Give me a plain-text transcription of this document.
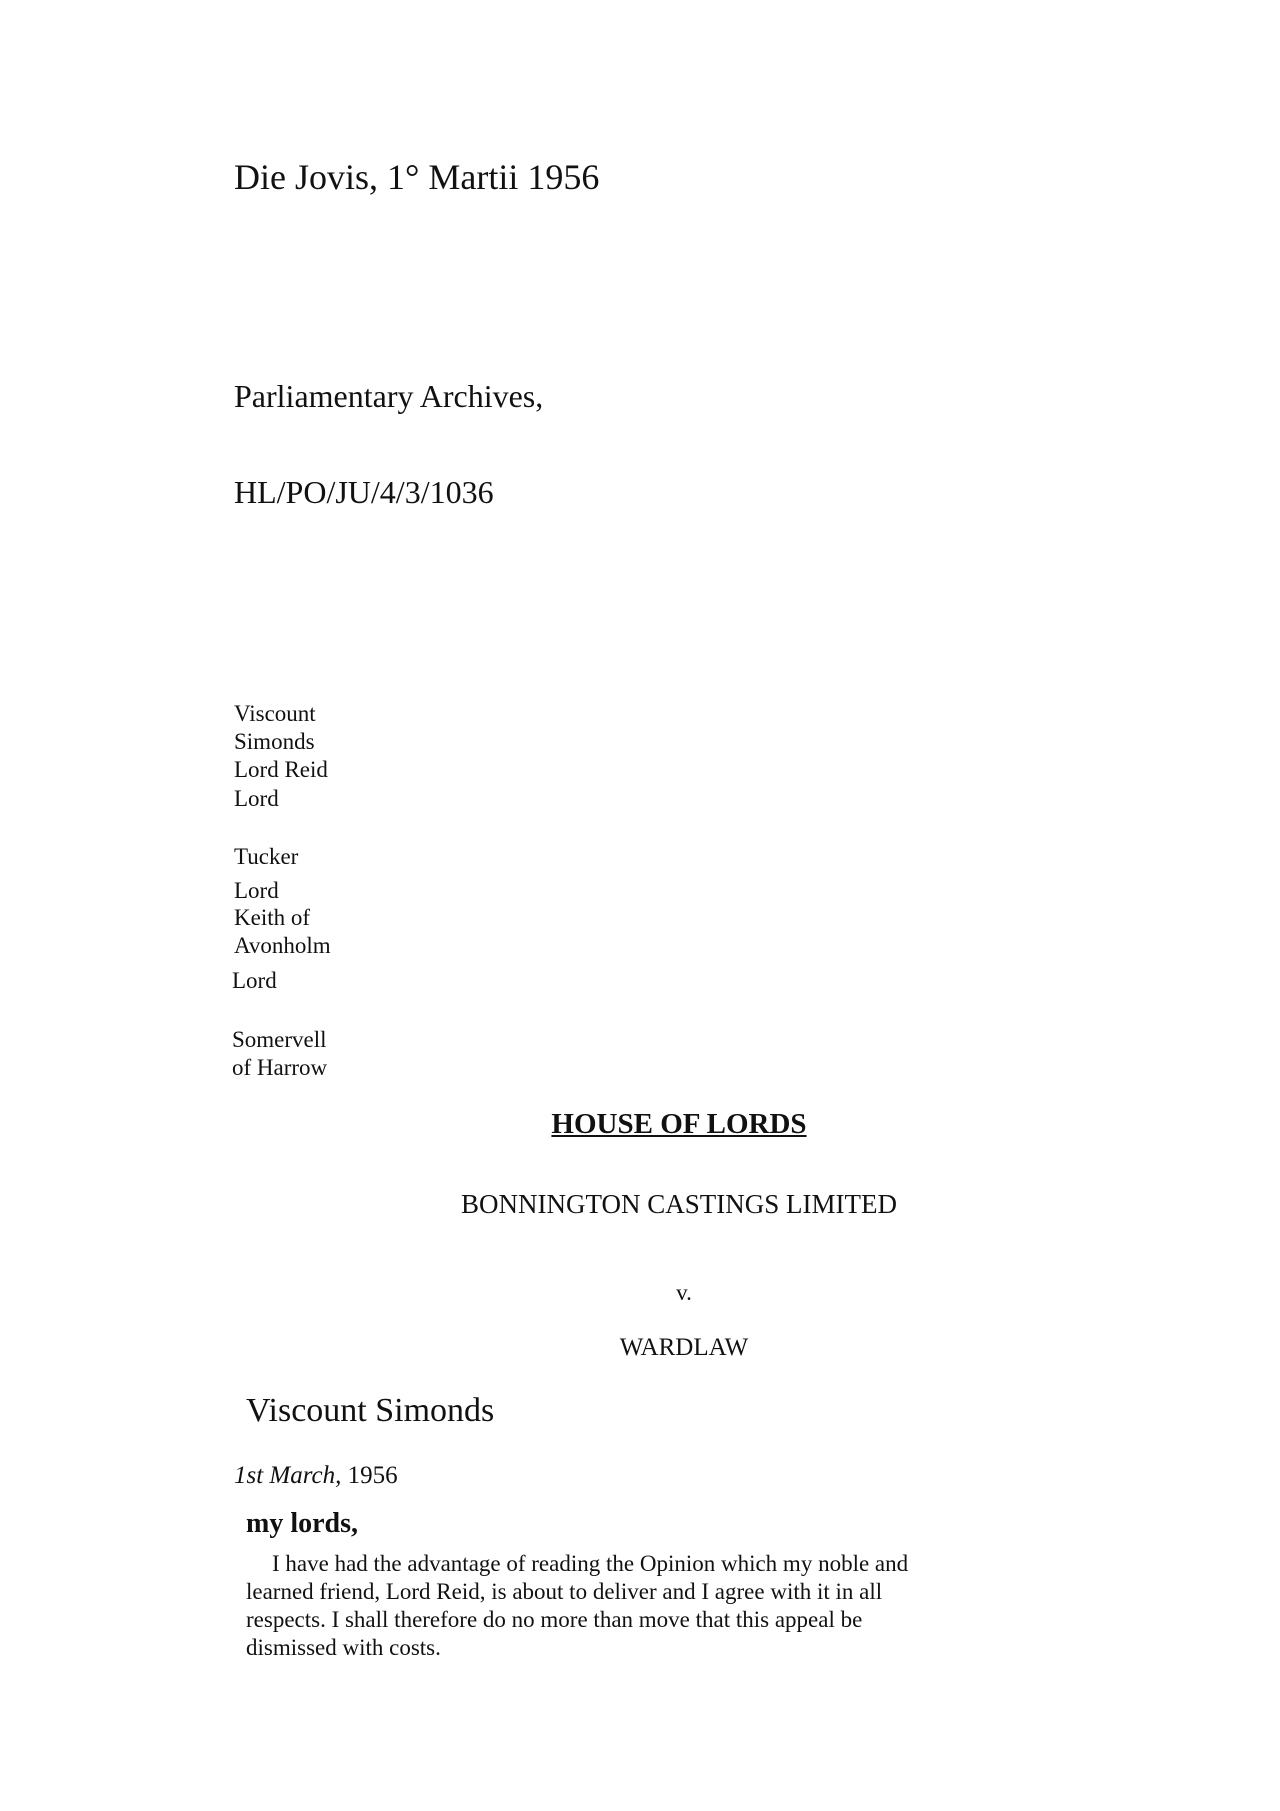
Die Jovis, 1° Martii 1956
Parliamentary Archives,
HL/PO/JU/4/3/1036
Viscount
Simonds
Lord Reid
Lord
Tucker
Lord
Keith of
Avonholm
Lord
Somervell
of Harrow
HOUSE OF LORDS
BONNINGTON CASTINGS LIMITED
v.
WARDLAW
Viscount Simonds
1st March, 1956
my lords,

I have had the advantage of reading the Opinion which my noble and learned friend, Lord Reid, is about to deliver and I agree with it in all respects. I shall therefore do no more than move that this appeal be dismissed with costs.
